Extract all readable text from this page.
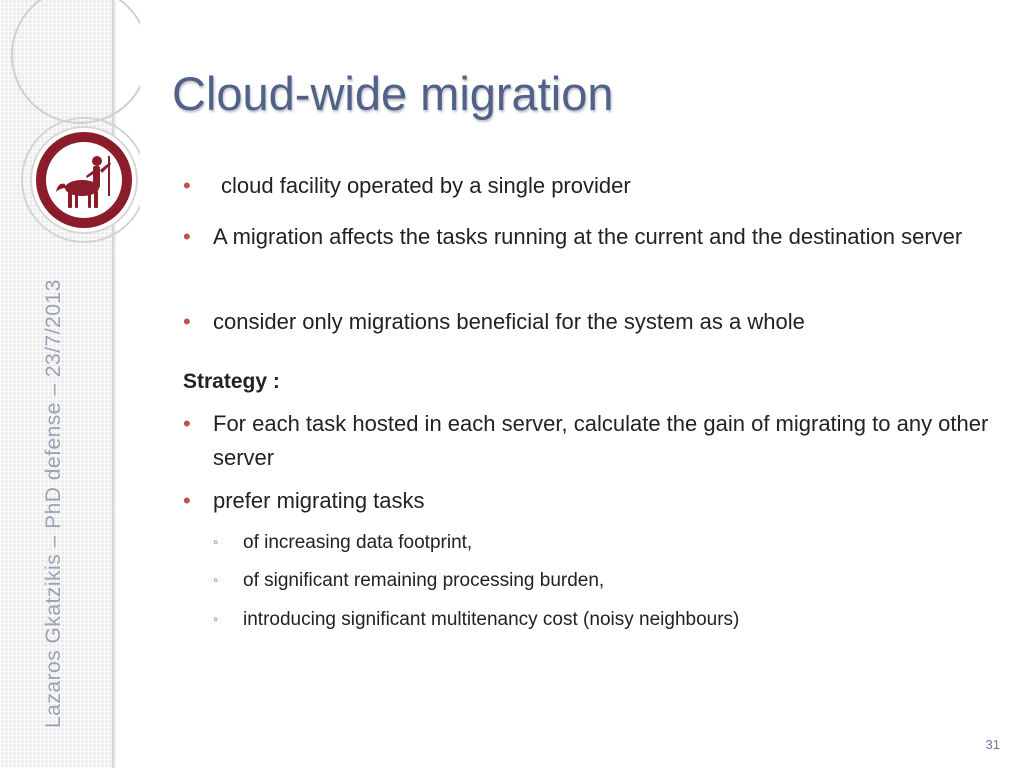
Lazaros Gkatzikis – PhD defense – 23/7/2013
Cloud-wide migration
• cloud facility operated by a single provider
• A migration affects the tasks running at the current and the destination server
• consider only migrations beneficial for the system as a whole
Strategy :
• For each task hosted in each server, calculate the gain of migrating to any other server
• prefer migrating tasks
◦ of increasing data footprint,
◦ of significant remaining processing burden,
◦ introducing significant multitenancy cost (noisy neighbours)
31
